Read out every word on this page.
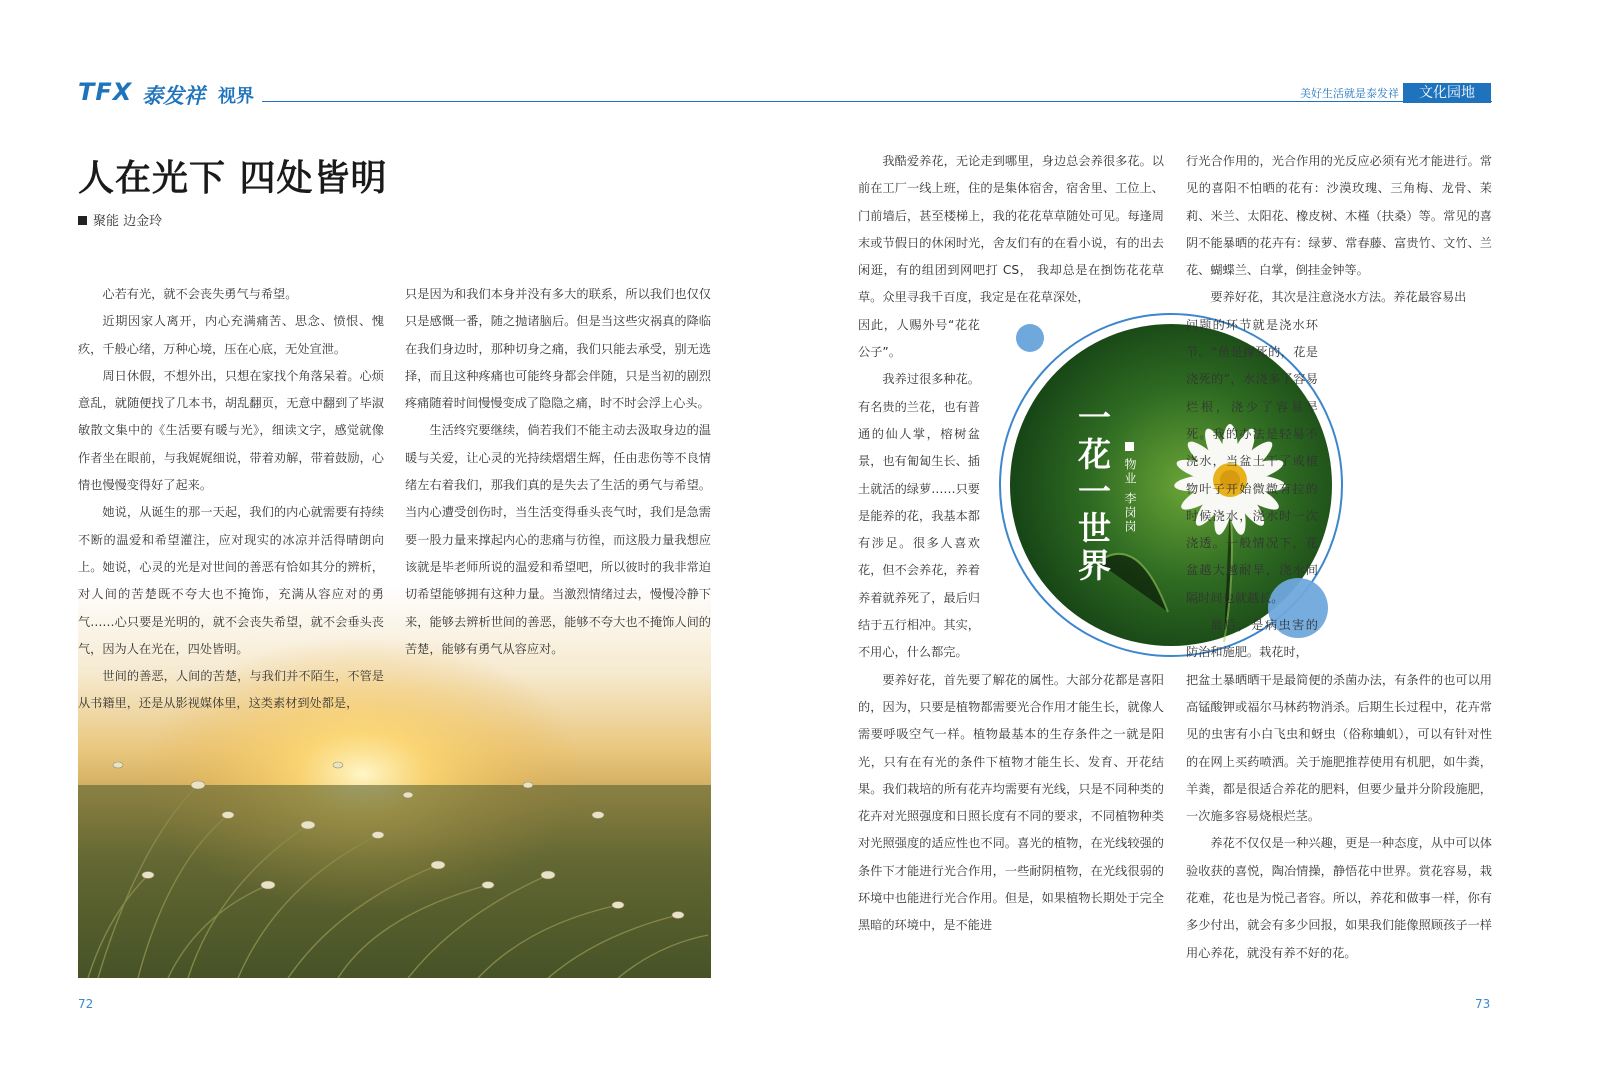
TFX 泰发祥 视界	美好生活就是泰发祥	文化园地
人在光下 四处皆明
聚能 边金玲

心若有光，就不会丧失勇气与希望。

近期因家人离开，内心充满痛苦、思念、愤恨、愧疚，千般心绪，万种心境，压在心底，无处宣泄。

周日休假，不想外出，只想在家找个角落呆着。心烦意乱，就随便找了几本书，胡乱翻页，无意中翻到了毕淑敏散文集中的《生活要有暖与光》，细读文字，感觉就像作者坐在眼前，与我娓娓细说，带着劝解，带着鼓励，心情也慢慢变得好了起来。

她说，从诞生的那一天起，我们的内心就需要有持续不断的温爱和希望灌注，应对现实的冰凉并活得晴朗向上。她说，心灵的光是对世间的善恶有恰如其分的辨析，对人间的苦楚既不夸大也不掩饰，充满从容应对的勇气……心只要是光明的，就不会丧失希望，就不会垂头丧气，因为人在光在，四处皆明。

世间的善恶，人间的苦楚，与我们并不陌生，不管是从书籍里，还是从影视媒体里，这类素材到处都是，

只是因为和我们本身并没有多大的联系，所以我们也仅仅只是感慨一番，随之抛诸脑后。但是当这些灾祸真的降临在我们身边时，那种切身之痛，我们只能去承受，别无选择，而且这种疼痛也可能终身都会伴随，只是当初的剧烈疼痛随着时间慢慢变成了隐隐之痛，时不时会浮上心头。

生活终究要继续，倘若我们不能主动去汲取身边的温暖与关爱，让心灵的光持续熠熠生辉，任由悲伤等不良情绪左右着我们，那我们真的是失去了生活的勇气与希望。当内心遭受创伤时，当生活变得垂头丧气时，我们是急需要一股力量来撑起内心的悲痛与彷徨，而这股力量我想应该就是毕老师所说的温爱和希望吧，所以彼时的我非常迫切希望能够拥有这种力量。当激烈情绪过去，慢慢冷静下来，能够去辨析世间的善恶，能够不夸大也不掩饰人间的苦楚，能够有勇气从容应对。

72
一花一世界 物业 李岗岗

我酷爱养花，无论走到哪里，身边总会养很多花。以前在工厂一线上班，住的是集体宿舍，宿舍里、工位上、门前墙后，甚至楼梯上，我的花花草草随处可见。每逢周末或节假日的休闲时光，舍友们有的在看小说，有的出去闲逛，有的组团到网吧打 CS， 我却总是在捯饬花花草草。众里寻我千百度，我定是在花草深处，

因此，人赐外号“花花公子”。

我养过很多种花。有名贵的兰花，也有普通的仙人掌，榕树盆景，也有匍匐生长、插土就活的绿萝……只要是能养的花，我基本都有涉足。很多人喜欢花，但不会养花，养着养着就养死了，最后归结于五行相冲。其实，不用心，什么都完。

要养好花，首先要了解花的属性。大部分花都是喜阳的，因为，只要是植物都需要光合作用才能生长，就像人需要呼吸空气一样。植物最基本的生存条件之一就是阳光，只有在有光的条件下植物才能生长、发育、开花结果。我们栽培的所有花卉均需要有光线，只是不同种类的花卉对光照强度和日照长度有不同的要求，不同植物种类对光照强度的适应性也不同。喜光的植物，在光线较强的条件下才能进行光合作用，一些耐阴植物，在光线很弱的环境中也能进行光合作用。但是，如果植物长期处于完全黑暗的环境中，是不能进

行光合作用的，光合作用的光反应必须有光才能进行。常见的喜阳不怕晒的花有：沙漠玫瑰、三角梅、龙骨、茉莉、米兰、太阳花、橡皮树、木槿（扶桑）等。常见的喜阴不能暴晒的花卉有：绿萝、常春藤、富贵竹、文竹、兰花、蝴蝶兰、白掌，倒挂金钟等。

要养好花，其次是注意浇水方法。养花最容易出

问题的环节就是浇水环节。“鱼是撑死的，花是浇死的”，水浇多了容易烂根，浇少了容易旱死。我的办法是轻易不浇水，当盆土干了或植物叶子开始微微有拉的时候浇水，浇水时一次浇透。一般情况下，花盆越大越耐旱，浇水间隔时间也就越长。

最后，是病虫害的防治和施肥。栽花时，

把盆土暴晒晒干是最简便的杀菌办法，有条件的也可以用高锰酸钾或福尔马林药物消杀。后期生长过程中，花卉常见的虫害有小白飞虫和蚜虫（俗称蛐虮），可以有针对性的在网上买药喷洒。关于施肥推荐使用有机肥，如牛粪，羊粪，都是很适合养花的肥料，但要少量并分阶段施肥，一次施多容易烧根烂茎。

养花不仅仅是一种兴趣，更是一种态度，从中可以体验收获的喜悦，陶冶情操，静悟花中世界。赏花容易，栽花难，花也是为悦己者容。所以，养花和做事一样，你有多少付出，就会有多少回报，如果我们能像照顾孩子一样用心养花，就没有养不好的花。

73
